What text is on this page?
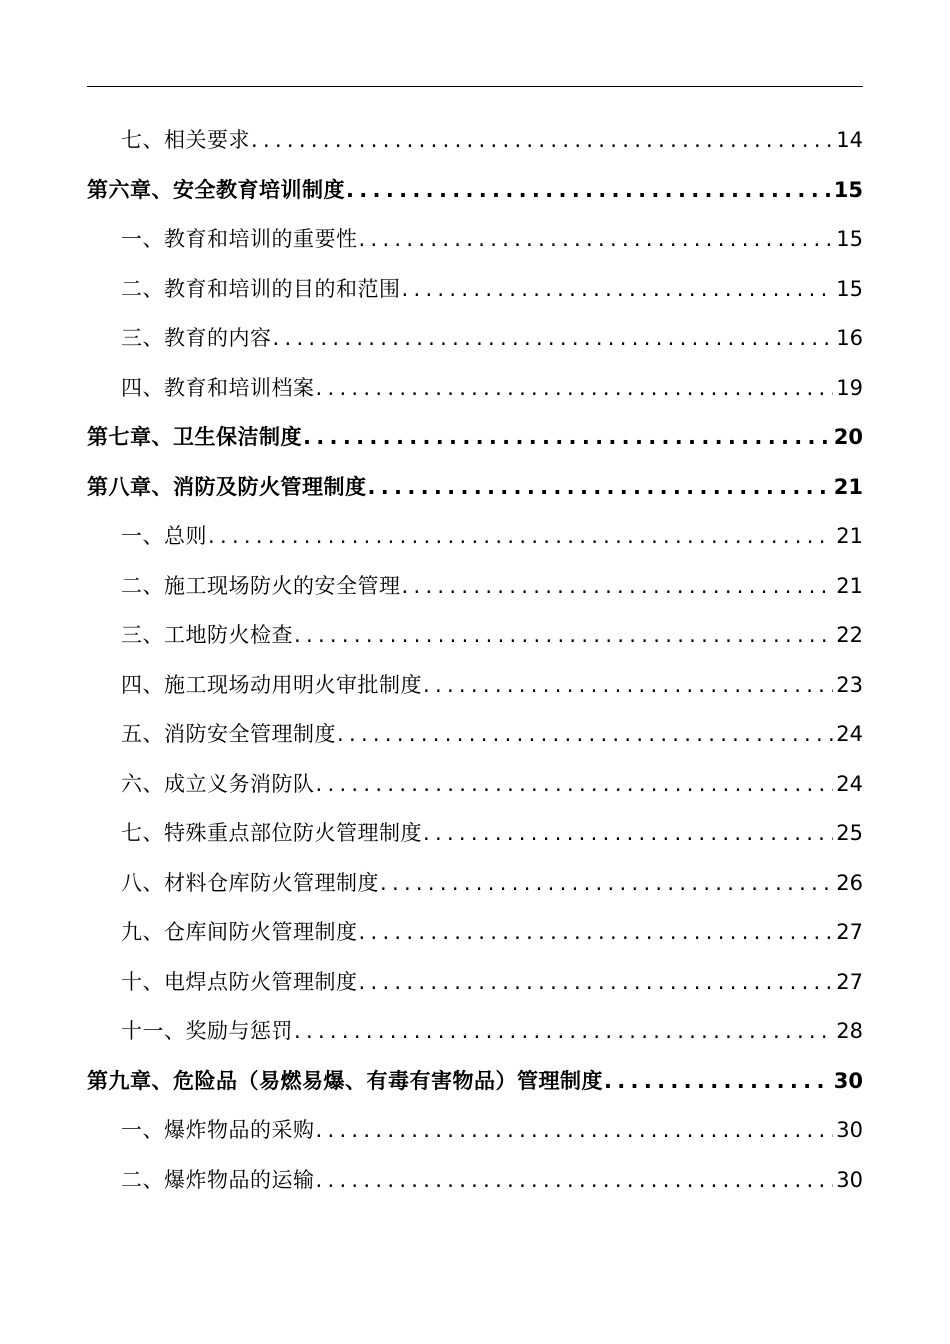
七、相关要求 .....	14
第六章、安全教育培训制度 .....	15
一、教育和培训的重要性 .....	15
二、教育和培训的目的和范围 .....	15
三、教育的内容 .....	16
四、教育和培训档案 .....	19
第七章、卫生保洁制度 .....	20
第八章、消防及防火管理制度 .....	21
一、总则 .....	21
二、施工现场防火的安全管理 .....	21
三、工地防火检查 .....	22
四、施工现场动用明火审批制度 .....	23
五、消防安全管理制度 .....	24
六、成立义务消防队 .....	24
七、特殊重点部位防火管理制度 .....	25
八、材料仓库防火管理制度 .....	26
九、仓库间防火管理制度 .....	27
十、电焊点防火管理制度 .....	27
十一、奖励与惩罚 .....	28
第九章、危险品（易燃易爆、有毒有害物品）管理制度 .....	30
一、爆炸物品的采购 .....	30
二、爆炸物品的运输 .....	30
